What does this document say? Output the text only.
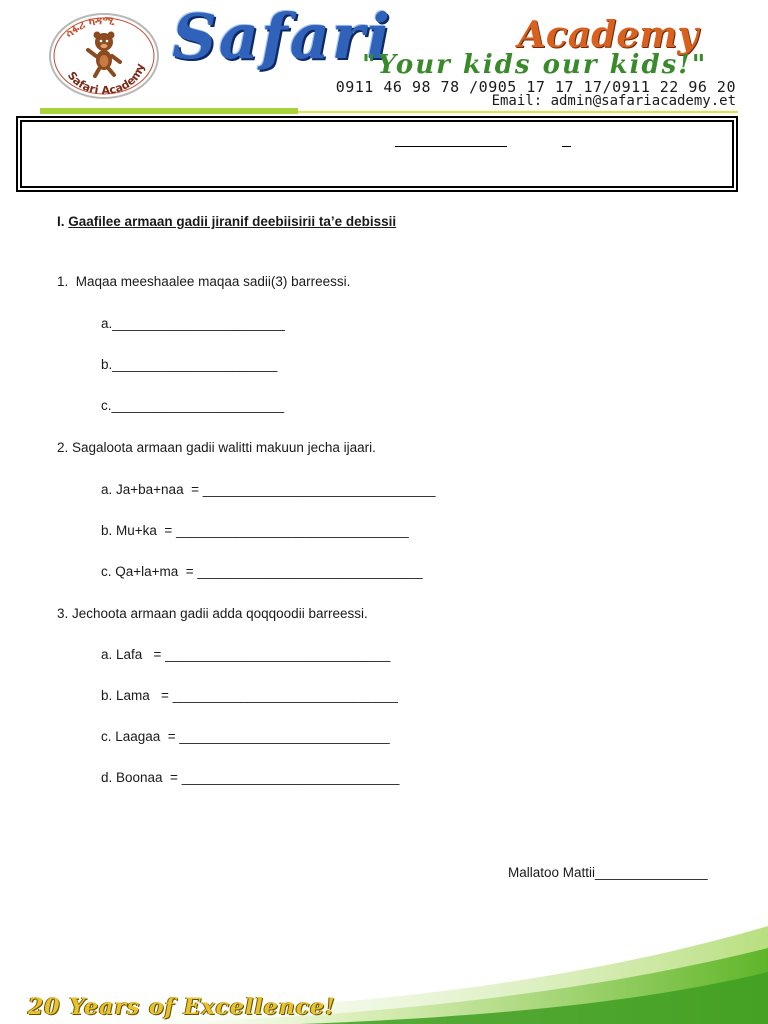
ሳፋሪ ካዳሚ
Safari Academy Safari	Academy
"Your kids our kids!"
0911 46 98 78 /0905 17 17 17/0911 22 96 20
Email: admin@safariacademy.et
I. Gaafilee armaan gadii jiranif deebiisirii ta’e debissii
1.  Maqaa meeshaalee maqaa sadii(3) barreessi.
a._______________________
b.______________________
c._______________________
2. Sagaloota armaan gadii walitti makuun jecha ijaari.
a. Ja+ba+naa  = _______________________________
b. Mu+ka  = _______________________________
c. Qa+la+ma  = ______________________________
3. Jechoota armaan gadii adda qoqqoodii barreessi.
a. Lafa   = ______________________________
b. Lama   = ______________________________
c. Laagaa  = ____________________________
d. Boonaa  = _____________________________
Mallatoo Mattii_______________
20 Years of Excellence!
